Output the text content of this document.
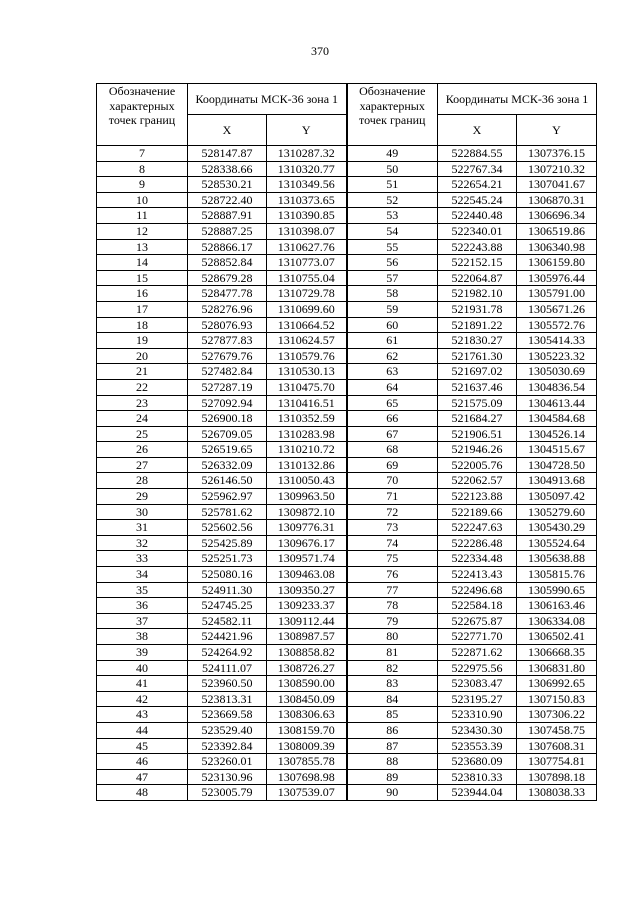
370
Обозначение характерных точек границ	Координаты МСК-36 зона 1		Обозначение характерных точек границ	Координаты МСК-36 зона 1	
	X	Y		X	Y
7	528147.87	1310287.32	49	522884.55	1307376.15
8	528338.66	1310320.77	50	522767.34	1307210.32
9	528530.21	1310349.56	51	522654.21	1307041.67
10	528722.40	1310373.65	52	522545.24	1306870.31
11	528887.91	1310390.85	53	522440.48	1306696.34
12	528887.25	1310398.07	54	522340.01	1306519.86
13	528866.17	1310627.76	55	522243.88	1306340.98
14	528852.84	1310773.07	56	522152.15	1306159.80
15	528679.28	1310755.04	57	522064.87	1305976.44
16	528477.78	1310729.78	58	521982.10	1305791.00
17	528276.96	1310699.60	59	521931.78	1305671.26
18	528076.93	1310664.52	60	521891.22	1305572.76
19	527877.83	1310624.57	61	521830.27	1305414.33
20	527679.76	1310579.76	62	521761.30	1305223.32
21	527482.84	1310530.13	63	521697.02	1305030.69
22	527287.19	1310475.70	64	521637.46	1304836.54
23	527092.94	1310416.51	65	521575.09	1304613.44
24	526900.18	1310352.59	66	521684.27	1304584.68
25	526709.05	1310283.98	67	521906.51	1304526.14
26	526519.65	1310210.72	68	521946.26	1304515.67
27	526332.09	1310132.86	69	522005.76	1304728.50
28	526146.50	1310050.43	70	522062.57	1304913.68
29	525962.97	1309963.50	71	522123.88	1305097.42
30	525781.62	1309872.10	72	522189.66	1305279.60
31	525602.56	1309776.31	73	522247.63	1305430.29
32	525425.89	1309676.17	74	522286.48	1305524.64
33	525251.73	1309571.74	75	522334.48	1305638.88
34	525080.16	1309463.08	76	522413.43	1305815.76
35	524911.30	1309350.27	77	522496.68	1305990.65
36	524745.25	1309233.37	78	522584.18	1306163.46
37	524582.11	1309112.44	79	522675.87	1306334.08
38	524421.96	1308987.57	80	522771.70	1306502.41
39	524264.92	1308858.82	81	522871.62	1306668.35
40	524111.07	1308726.27	82	522975.56	1306831.80
41	523960.50	1308590.00	83	523083.47	1306992.65
42	523813.31	1308450.09	84	523195.27	1307150.83
43	523669.58	1308306.63	85	523310.90	1307306.22
44	523529.40	1308159.70	86	523430.30	1307458.75
45	523392.84	1308009.39	87	523553.39	1307608.31
46	523260.01	1307855.78	88	523680.09	1307754.81
47	523130.96	1307698.98	89	523810.33	1307898.18
48	523005.79	1307539.07	90	523944.04	1308038.33
